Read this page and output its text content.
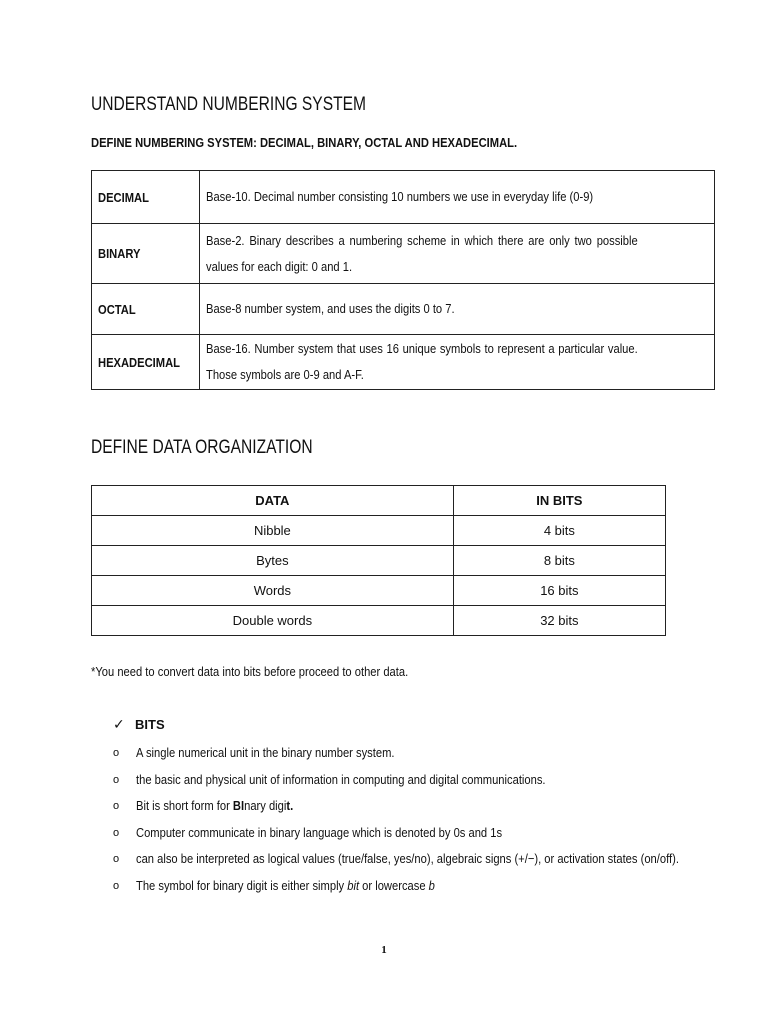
UNDERSTAND NUMBERING SYSTEM
DEFINE NUMBERING SYSTEM: DECIMAL, BINARY, OCTAL AND HEXADECIMAL.
DECIMAL	Base-10. Decimal number consisting 10 numbers we use in everyday life (0-9)
BINARY	Base-2. Binary describes a numbering scheme in which there are only two possible values for each digit: 0 and 1.

OCTAL	Base-8 number system, and uses the digits 0 to 7.
HEXADECIMAL	Base-16. Number system that uses 16 unique symbols to represent a particular value. Those symbols are 0-9 and A-F.
DEFINE DATA ORGANIZATION
DATA	IN BITS
Nibble	4 bits
Bytes	8 bits
Words	16 bits
Double words	32 bits
*You need to convert data into bits before proceed to other data.
✓ BITS
o A single numerical unit in the binary number system.
o the basic and physical unit of information in computing and digital communications.
o Bit is short form for BInary digit.
o Computer communicate in binary language which is denoted by 0s and 1s
o can also be interpreted as logical values (true/false, yes/no), algebraic signs (+/−), or activation states (on/off).
o The symbol for binary digit is either simply bit or lowercase b
1
